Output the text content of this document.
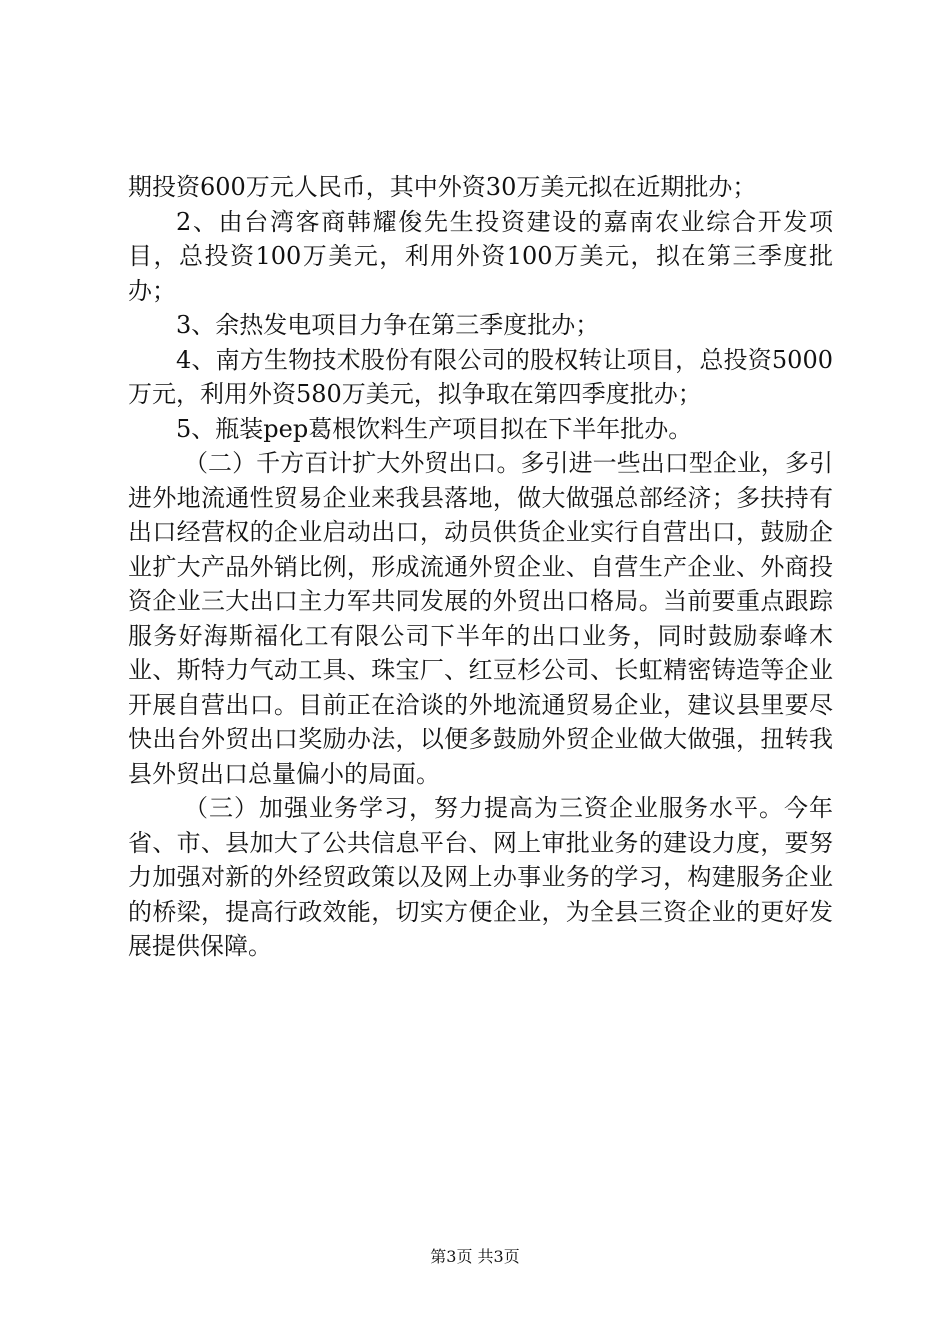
期投资600万元人民币，其中外资30万美元拟在近期批办；

2、由台湾客商韩耀俊先生投资建设的嘉南农业综合开发项目，总投资100万美元，利用外资100万美元，拟在第三季度批办；

3、余热发电项目力争在第三季度批办；

4、南方生物技术股份有限公司的股权转让项目，总投资5000万元，利用外资580万美元，拟争取在第四季度批办；

5、瓶装pep葛根饮料生产项目拟在下半年批办。

（二）千方百计扩大外贸出口。多引进一些出口型企业，多引进外地流通性贸易企业来我县落地，做大做强总部经济；多扶持有出口经营权的企业启动出口，动员供货企业实行自营出口，鼓励企业扩大产品外销比例，形成流通外贸企业、自营生产企业、外商投资企业三大出口主力军共同发展的外贸出口格局。当前要重点跟踪服务好海斯福化工有限公司下半年的出口业务，同时鼓励泰峰木业、斯特力气动工具、珠宝厂、红豆杉公司、长虹精密铸造等企业开展自营出口。目前正在洽谈的外地流通贸易企业，建议县里要尽快出台外贸出口奖励办法，以便多鼓励外贸企业做大做强，扭转我县外贸出口总量偏小的局面。

（三）加强业务学习，努力提高为三资企业服务水平。今年省、市、县加大了公共信息平台、网上审批业务的建设力度，要努力加强对新的外经贸政策以及网上办事业务的学习，构建服务企业的桥梁，提高行政效能，切实方便企业，为全县三资企业的更好发展提供保障。

第3页 共3页
